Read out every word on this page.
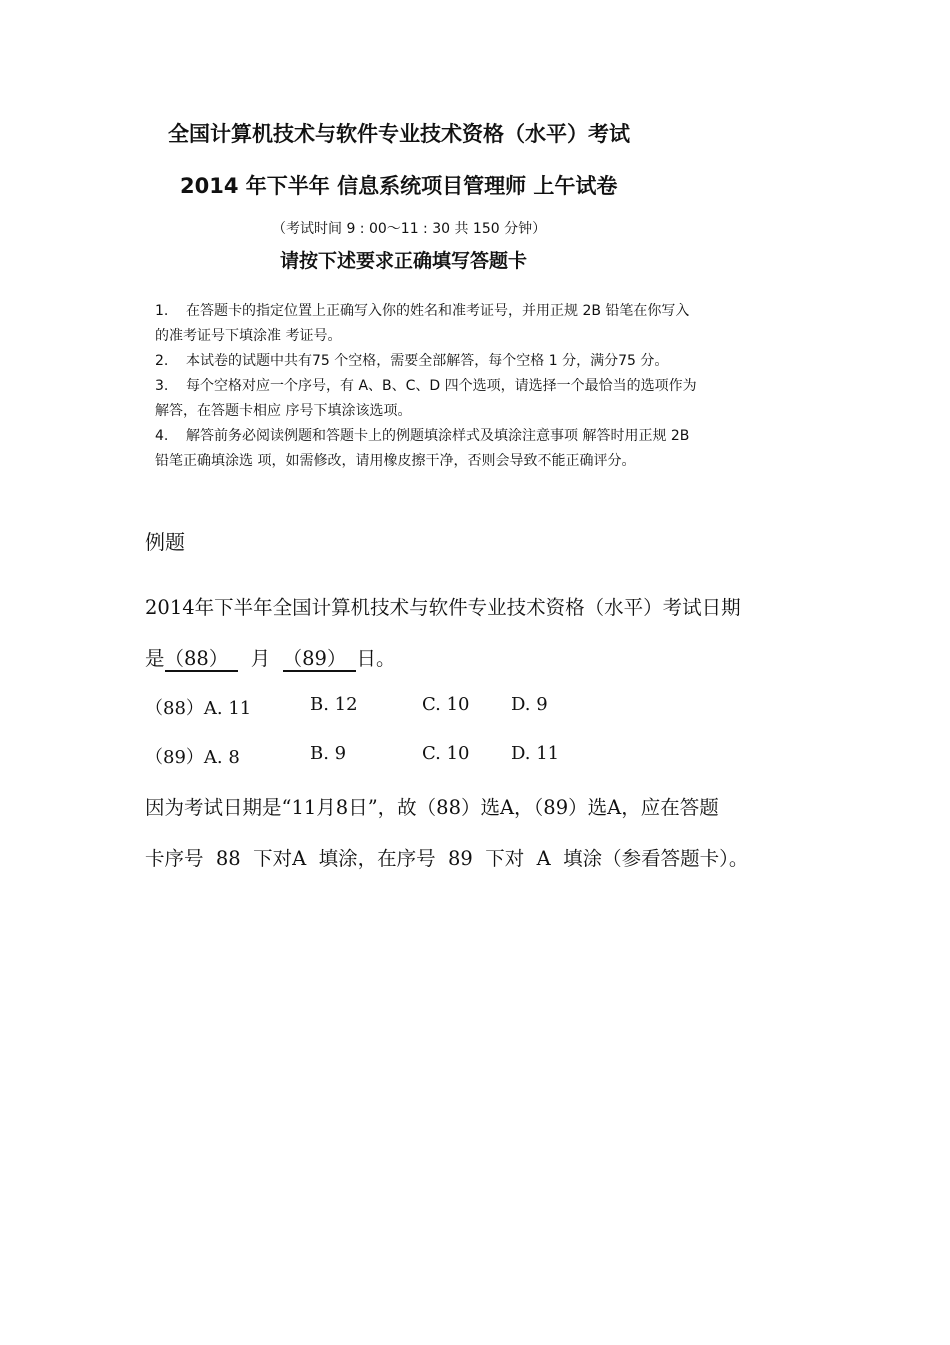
全国计算机技术与软件专业技术资格（水平）考试
2014 年下半年 信息系统项目管理师 上午试卷
（考试时间 9 : 00～11 : 30 共 150 分钟）
请按下述要求正确填写答题卡
1. 在答题卡的指定位置上正确写入你的姓名和准考证号，并用正规 2B 铅笔在你写入
的准考证号下填涂准 考证号。
2. 本试卷的试题中共有75 个空格，需要全部解答，每个空格 1 分，满分75 分。
3. 每个空格对应一个序号，有 A、B、C、D 四个选项，请选择一个最恰当的选项作为
解答，在答题卡相应 序号下填涂该选项。
4. 解答前务必阅读例题和答题卡上的例题填涂样式及填涂注意事项 解答时用正规 2B
铅笔正确填涂选 项，如需修改，请用橡皮擦干净，否则会导致不能正确评分。
例题
2014年下半年全国计算机技术与软件专业技术资格（水平）考试日期
是（88）  月  （89） 日。
（88）A. 11	B. 12	C. 10 D. 9
（89）A. 8	B. 9	C. 10 D. 11
因为考试日期是“11月8日”，故（88）选A，（89）选A，应在答题
卡序号  88  下对A  填涂，在序号  89  下对  A  填涂（参看答题卡）。
